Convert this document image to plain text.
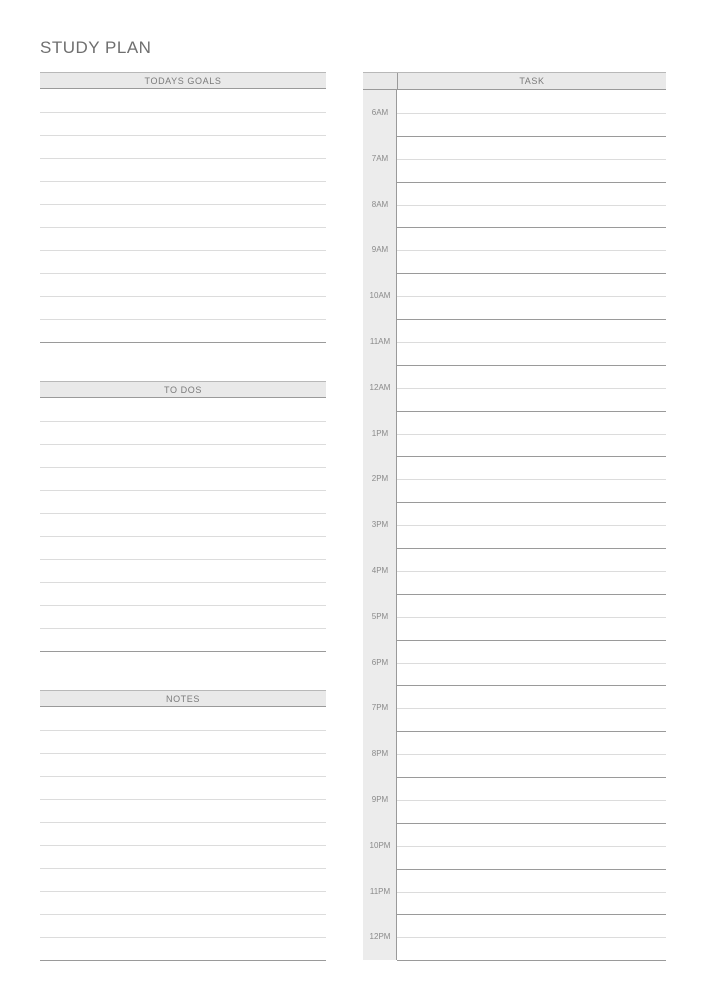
STUDY PLAN
TODAYS GOALS
TO DOS
NOTES
TASK
6AM
7AM
8AM
9AM
10AM
11AM
12AM
1PM
2PM
3PM
4PM
5PM
6PM
7PM
8PM
9PM
10PM
11PM
12PM
